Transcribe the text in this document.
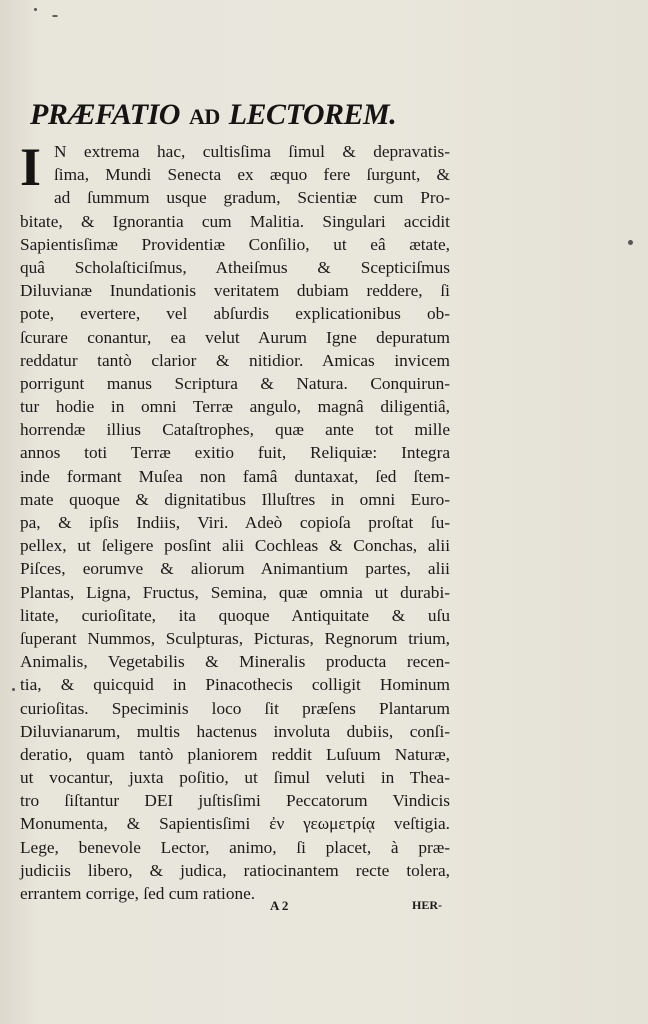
PRÆFATIO AD LECTOREM.
I N extrema hac, cultisſima ſimul & depravatis-
ſima, Mundi Senecta ex æquo fere ſurgunt, &
ad ſummum usque gradum, Scientiæ cum Pro-
bitate, & Ignorantia cum Malitia. Singulari accidit
Sapientisſimæ Providentiæ Conſilio, ut eâ ætate,
quâ Scholaſticiſmus, Atheiſmus & Scepticiſmus
Diluvianæ Inundationis veritatem dubiam reddere, ſi
pote, evertere, vel abſurdis explicationibus ob-
ſcurare conantur, ea velut Aurum Igne depuratum
reddatur tantò clarior & nitidior. Amicas invicem
porrigunt manus Scriptura & Natura. Conquirun-
tur hodie in omni Terræ angulo, magnâ diligentiâ,
horrendæ illius Cataſtrophes, quæ ante tot mille
annos toti Terræ exitio fuit, Reliquiæ: Integra
inde formant Muſea non famâ duntaxat, ſed ſtem-
mate quoque & dignitatibus Illuſtres in omni Euro-
pa, & ipſis Indiis, Viri. Adeò copioſa proſtat ſu-
pellex, ut ſeligere posſint alii Cochleas & Conchas, alii
Piſces, eorumve & aliorum Animantium partes, alii
Plantas, Ligna, Fructus, Semina, quæ omnia ut durabi-
litate, curioſitate, ita quoque Antiquitate & uſu
ſuperant Nummos, Sculpturas, Picturas, Regnorum trium,
Animalis, Vegetabilis & Mineralis producta recen-
tia, & quicquid in Pinacothecis colligit Hominum
curioſitas. Speciminis loco ſit præſens Plantarum
Diluvianarum, multis hactenus involuta dubiis, conſi-
deratio, quam tantò planiorem reddit Luſuum Naturæ,
ut vocantur, juxta poſitio, ut ſimul veluti in Thea-
tro ſiſtantur DEI juſtisſimi Peccatorum Vindicis
Monumenta, & Sapientisſimi ἐν γεωμετρίᾳ veſtigia.
Lege, benevole Lector, animo, ſi placet, à præ-
judiciis libero, & judica, ratiocinantem recte tolera,
errantem corrige, ſed cum ratione.
A 2	HER-
